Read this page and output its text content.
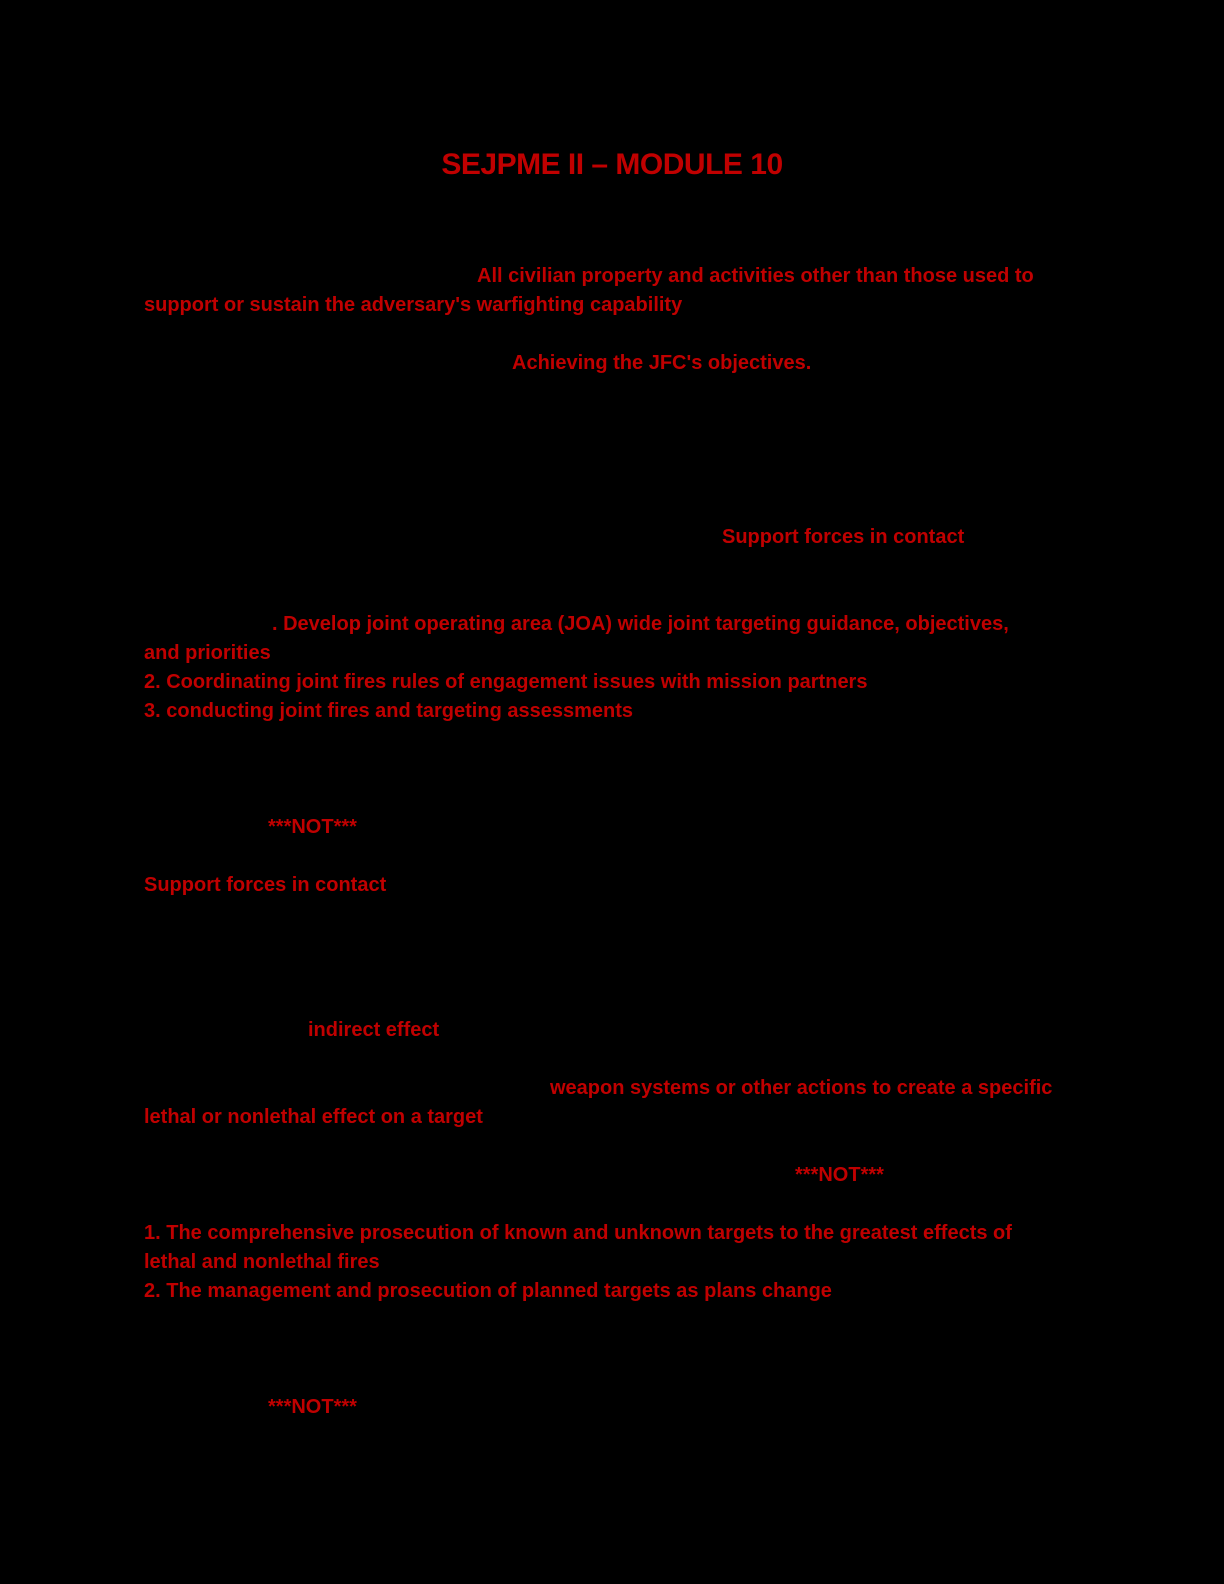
SEJPME II – MODULE 10
All civilian property and activities other than those used to
support or sustain the adversary's warfighting capability
Achieving the JFC's objectives.
Support forces in contact
. Develop joint operating area (JOA) wide joint targeting guidance, objectives,
and priorities
2. Coordinating joint fires rules of engagement issues with mission partners
3. conducting joint fires and targeting assessments
***NOT***
Support forces in contact
indirect effect
weapon systems or other actions to create a specific
lethal or nonlethal effect on a target
***NOT***
1. The comprehensive prosecution of known and unknown targets to the greatest effects of
lethal and nonlethal fires
2. The management and prosecution of planned targets as plans change
***NOT***
